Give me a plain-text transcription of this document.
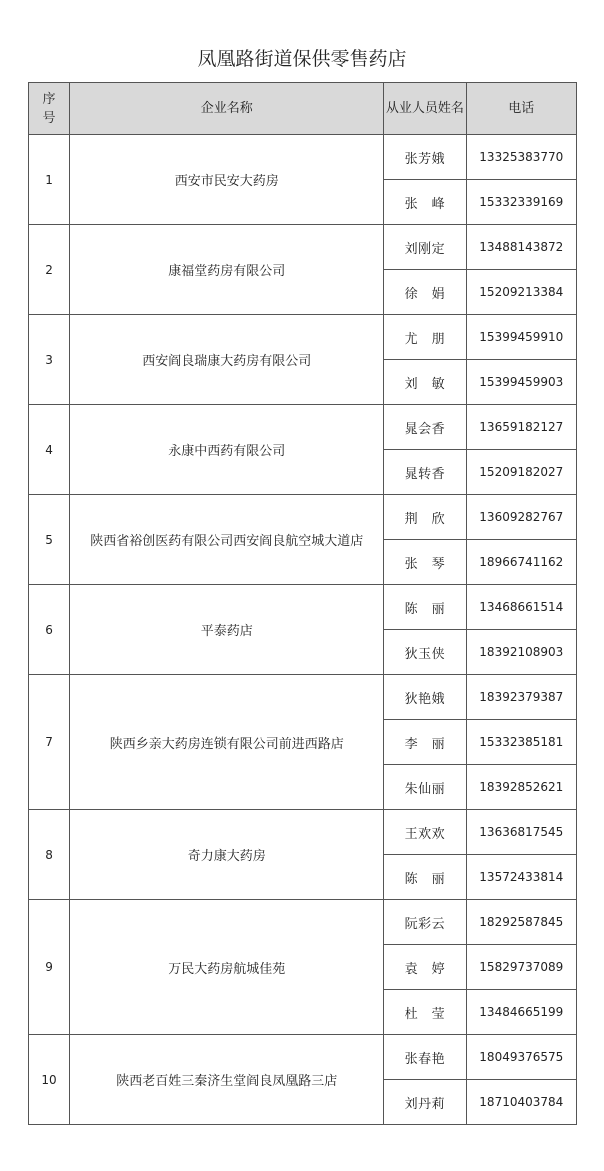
凤凰路街道保供零售药店
序号	企业名称	从业人员姓名	电话
1	西安市民安大药房	张芳娥	13325383770
		张　峰	15332339169
2	康福堂药房有限公司	刘刚定	13488143872
		徐　娟	15209213384
3	西安阎良瑞康大药房有限公司	尤　朋	15399459910
		刘　敏	15399459903
4	永康中西药有限公司	晁会香	13659182127
		晁转香	15209182027
5	陕西省裕创医药有限公司西安阎良航空城大道店	荆　欣	13609282767
		张　琴	18966741162
6	平泰药店	陈　丽	13468661514
		狄玉侠	18392108903
7	陕西乡亲大药房连锁有限公司前进西路店	狄艳娥	18392379387
		李　丽	15332385181
		朱仙丽	18392852621
8	奇力康大药房	王欢欢	13636817545
		陈　丽	13572433814
9	万民大药房航城佳苑	阮彩云	18292587845
		袁　婷	15829737089
		杜　莹	13484665199
10	陕西老百姓三秦济生堂阎良凤凰路三店	张春艳	18049376575
		刘丹莉	18710403784
